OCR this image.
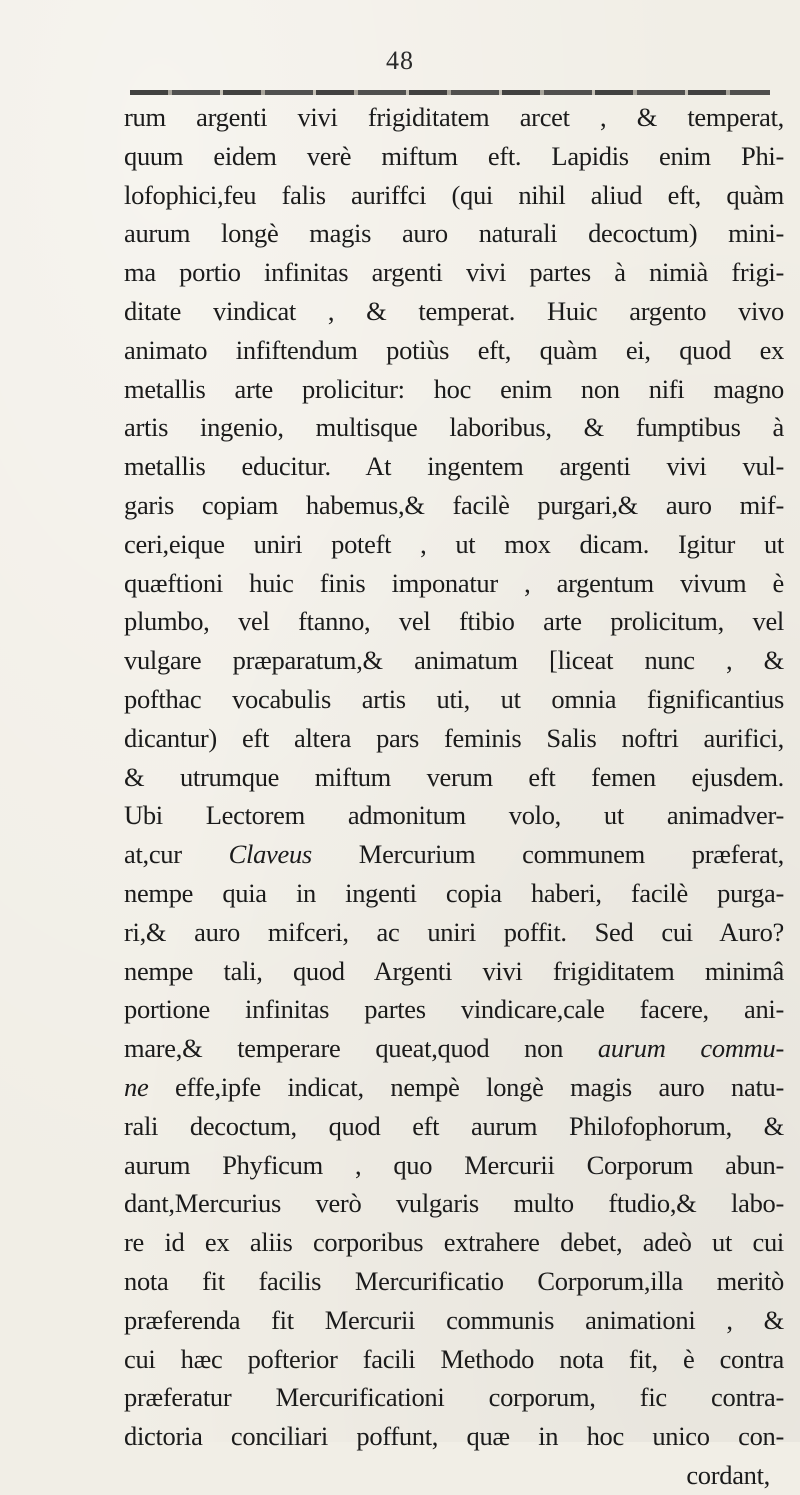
48
rum argenti vivi frigiditatem arcet , & temperat,
quum eidem verè miftum eft. Lapidis enim Phi-
lofophici,feu falis auriffci (qui nihil aliud eft, quàm
aurum longè magis auro naturali decoctum) mini-
ma portio infinitas argenti vivi partes à nimià frigi-
ditate vindicat , & temperat. Huic argento vivo
animato infiftendum potiùs eft, quàm ei, quod ex
metallis arte prolicitur: hoc enim non nifi magno
artis ingenio, multisque laboribus, & fumptibus à
metallis educitur. At ingentem argenti vivi vul-
garis copiam habemus,& facilè purgari,& auro mif-
ceri,eique uniri poteft , ut mox dicam. Igitur ut
quæftioni huic finis imponatur , argentum vivum è
plumbo, vel ftanno, vel ftibio arte prolicitum, vel
vulgare præparatum,& animatum [liceat nunc , &
pofthac vocabulis artis uti, ut omnia fignificantius
dicantur) eft altera pars feminis Salis noftri aurifici,
& utrumque miftum verum eft femen ejusdem.
Ubi Lectorem admonitum volo, ut animadver-
at,cur Claveus Mercurium communem præferat,
nempe quia in ingenti copia haberi, facilè purga-
ri,& auro mifceri, ac uniri poffit. Sed cui Auro?
nempe tali, quod Argenti vivi frigiditatem minimâ
portione infinitas partes vindicare,cale facere, ani-
mare,& temperare queat,quod non aurum commu-
ne effe,ipfe indicat, nempè longè magis auro natu-
rali decoctum, quod eft aurum Philofophorum, &
aurum Phyficum , quo Mercurii Corporum abun-
dant,Mercurius verò vulgaris multo ftudio,& labo-
re id ex aliis corporibus extrahere debet, adeò ut cui
nota fit facilis Mercurificatio Corporum,illa meritò
præferenda fit Mercurii communis animationi , &
cui hæc pofterior facili Methodo nota fit, è contra
præferatur Mercurificationi corporum, fic contra-
dictoria conciliari poffunt, quæ in hoc unico con-
cordant,
